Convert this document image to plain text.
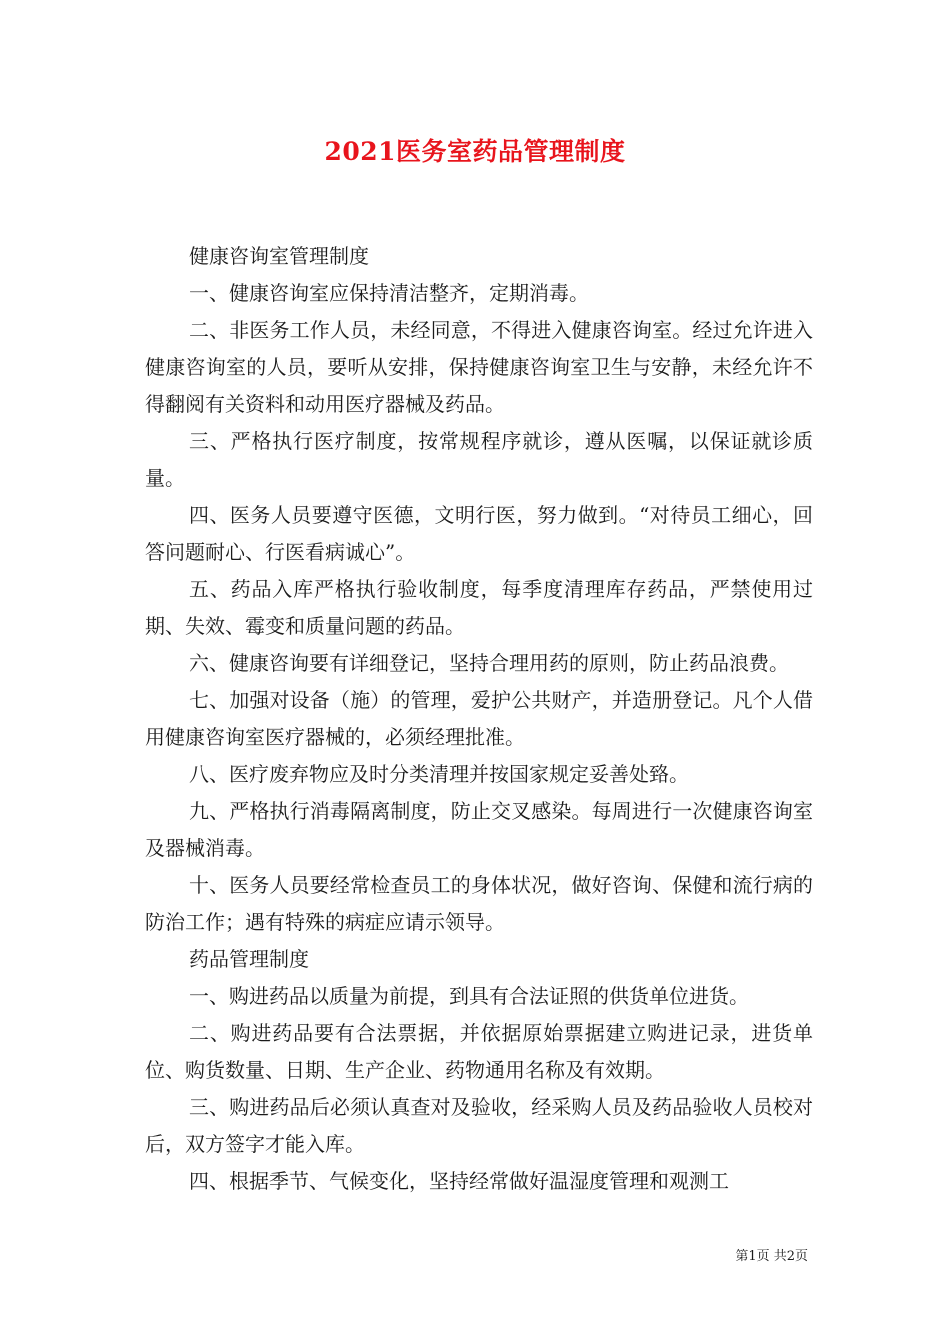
2021医务室药品管理制度

健康咨询室管理制度

一、健康咨询室应保持清洁整齐，定期消毒。

二、非医务工作人员，未经同意，不得进入健康咨询室。经过允许进入健康咨询室的人员，要听从安排，保持健康咨询室卫生与安静，未经允许不得翻阅有关资料和动用医疗器械及药品。

三、严格执行医疗制度，按常规程序就诊，遵从医嘱，以保证就诊质量。

四、医务人员要遵守医德，文明行医，努力做到。“对待员工细心，回答问题耐心、行医看病诚心”。

五、药品入库严格执行验收制度，每季度清理库存药品，严禁使用过期、失效、霉变和质量问题的药品。

六、健康咨询要有详细登记，坚持合理用药的原则，防止药品浪费。

七、加强对设备（施）的管理，爱护公共财产，并造册登记。凡个人借用健康咨询室医疗器械的，必须经理批准。

八、医疗废弃物应及时分类清理并按国家规定妥善处臵。

九、严格执行消毒隔离制度，防止交叉感染。每周进行一次健康咨询室及器械消毒。

十、医务人员要经常检查员工的身体状况，做好咨询、保健和流行病的防治工作；遇有特殊的病症应请示领导。

药品管理制度

一、购进药品以质量为前提，到具有合法证照的供货单位进货。

二、购进药品要有合法票据，并依据原始票据建立购进记录，进货单位、购货数量、日期、生产企业、药物通用名称及有效期。

三、购进药品后必须认真查对及验收，经采购人员及药品验收人员校对后，双方签字才能入库。

四、根据季节、气候变化，坚持经常做好温湿度管理和观测工

第1页 共2页
